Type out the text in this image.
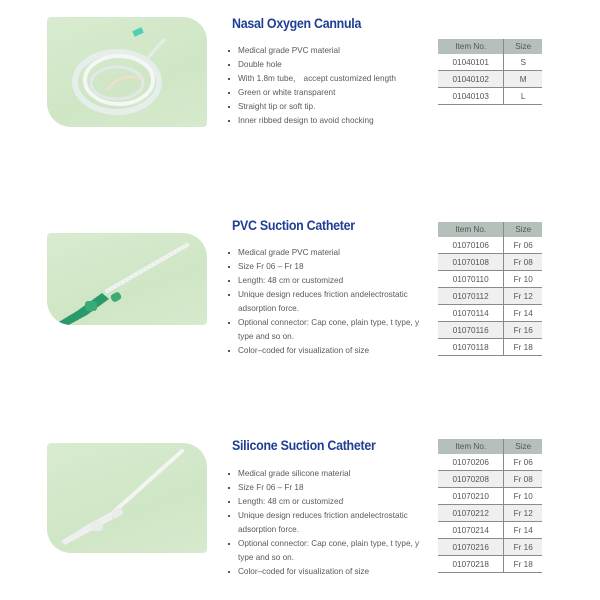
Nasal Oxygen Cannula
Medical grade PVC material
Double hole
With 1.8m tube， accept customized length
Green or white transparent
Straight tip or soft tip.
Inner ribbed design to avoid chocking
Item No.	Size
01040101	S
01040102	M
01040103	L
PVC Suction Catheter
Medical grade PVC material
Size Fr 06 – Fr 18
Length: 48 cm or customized
Unique design reduces friction andelectrostatic adsorption force.
Optional connector: Cap cone, plain type, t type, y type and so on.
Color–coded for visualization of size
Item No.	Size
01070106	Fr 06
01070108	Fr 08
01070110	Fr 10
01070112	Fr 12
01070114	Fr 14
01070116	Fr 16
01070118	Fr 18
Silicone Suction Catheter
Medical grade silicone material
Size Fr 06 – Fr 18
Length: 48 cm or customized
Unique design reduces friction andelectrostatic adsorption force.
Optional connector: Cap cone, plain type, t type, y type and so on.
Color–coded for visualization of size
Item No.	Size
01070206	Fr 06
01070208	Fr 08
01070210	Fr 10
01070212	Fr 12
01070214	Fr 14
01070216	Fr 16
01070218	Fr 18
